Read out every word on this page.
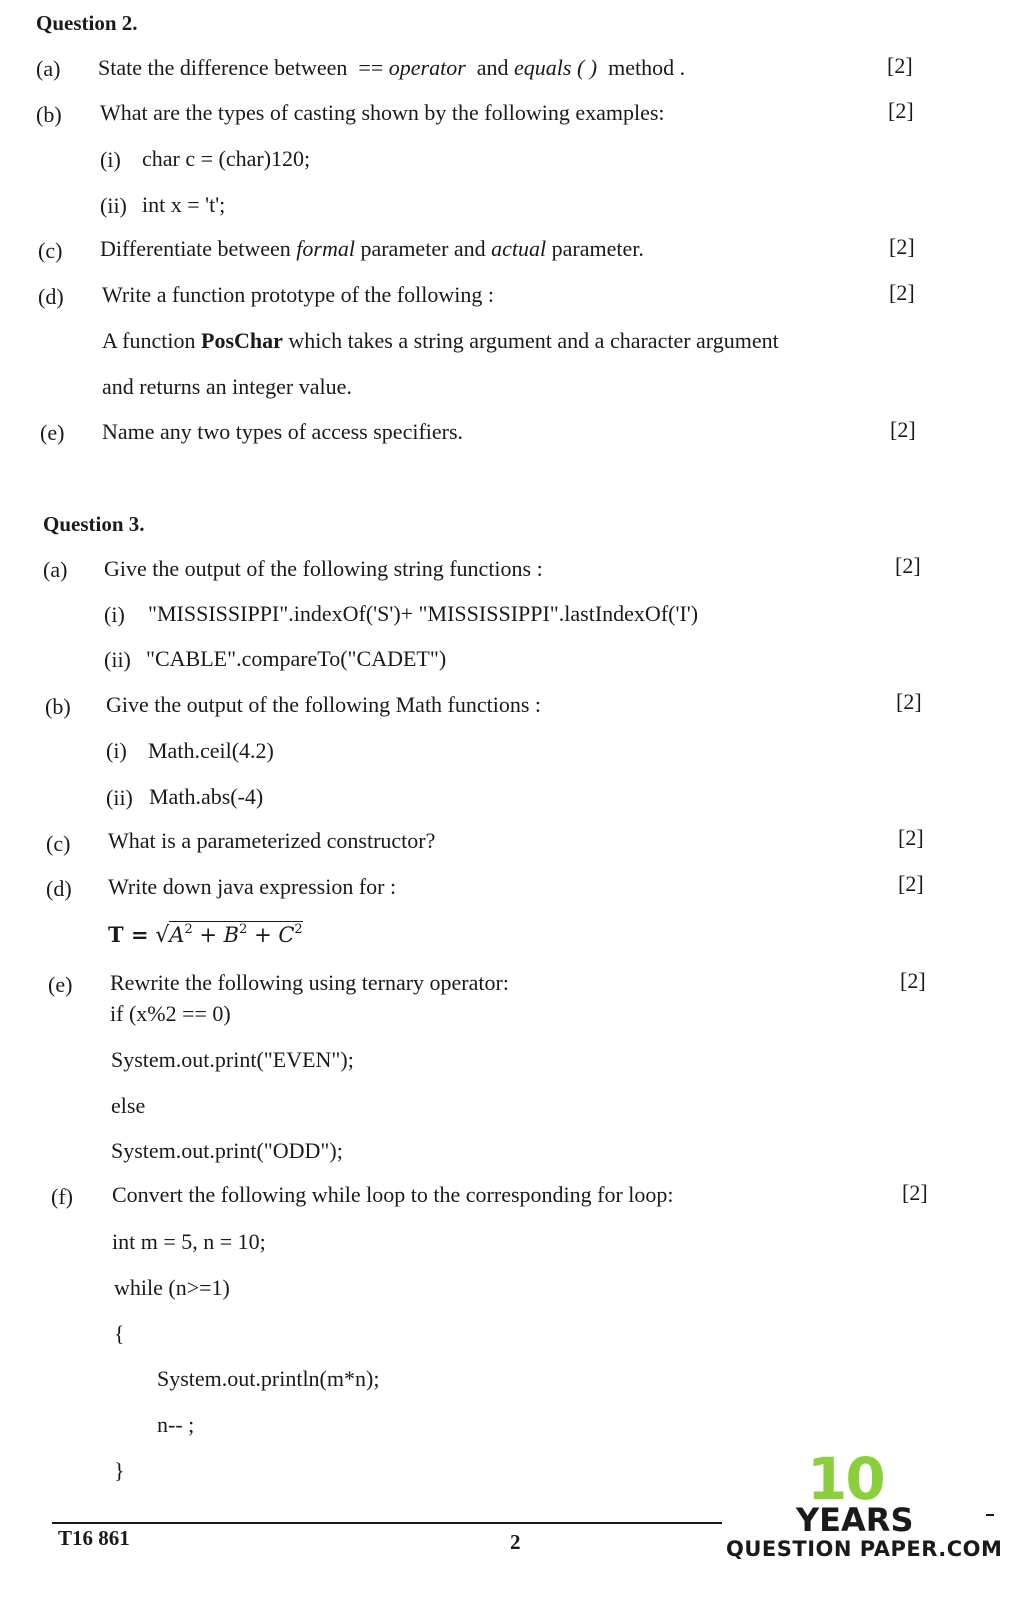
Question 2.
(a) State the difference between == operator and equals ( ) method .	[2]
(b) What are the types of casting shown by the following examples:	[2]
(i) char c = (char)120;
(ii) int x = 't';
(c) Differentiate between formal parameter and actual parameter.	[2]
(d) Write a function prototype of the following :	[2]
A function PosChar which takes a string argument and a character argument
and returns an integer value.
(e) Name any two types of access specifiers.	[2]
Question 3.
(a) Give the output of the following string functions :	[2]
(i) "MISSISSIPPI".indexOf('S')+ "MISSISSIPPI".lastIndexOf('I')
(ii) "CABLE".compareTo("CADET")
(b) Give the output of the following Math functions :	[2]
(i) Math.ceil(4.2)
(ii) Math.abs(-4)
(c) What is a parameterized constructor?	[2]
(d) Write down java expression for :	[2]
$T = √A^2 + B^2 + C^2$
(e) Rewrite the following using ternary operator:	[2]
if (x%2 == 0)
System.out.print("EVEN");
else
System.out.print("ODD");
(f) Convert the following while loop to the corresponding for loop:	[2]
int m = 5, n = 10;
while (n>=1)
{
System.out.println(m*n);
n-- ;
}
T16 861	2
10
YEARS
QUESTION PAPER.COM
